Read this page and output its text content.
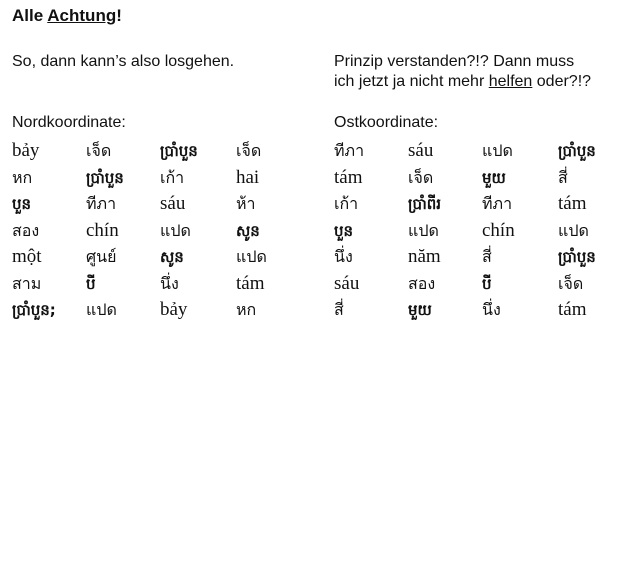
Alle Achtung!
So, dann kann’s also losgehen.	Prinzip verstanden?!? Dann muss
ich jetzt ja nicht mehr helfen oder?!?
Nordkoordinate:	Ostkoordinate:
bảy	เจ็ด	ប្រាំបួន	เจ็ด
หก	ប្រាំបួន	เก้า	hai
បួន	ทีภา	sáu	ห้า
สอง	chín	แปด	សូន
một	ศูนย์	សូន	แปด
สาม	បី	นึ่ง	tám
ប្រាំបួន;	แปด	bảy	หก
ทีภา	sáu	แปด	ប្រាំបួន
tám	เจ็ด	មួយ	สี่
เก้า	ប្រាំពីរ	ทีภา	tám
បួន	แปด	chín	แปด
นึ่ง	năm	สี่	ប្រាំបួន
sáu	สอง	បី	เจ็ด
สี่	មួយ	นึ่ง	tám
